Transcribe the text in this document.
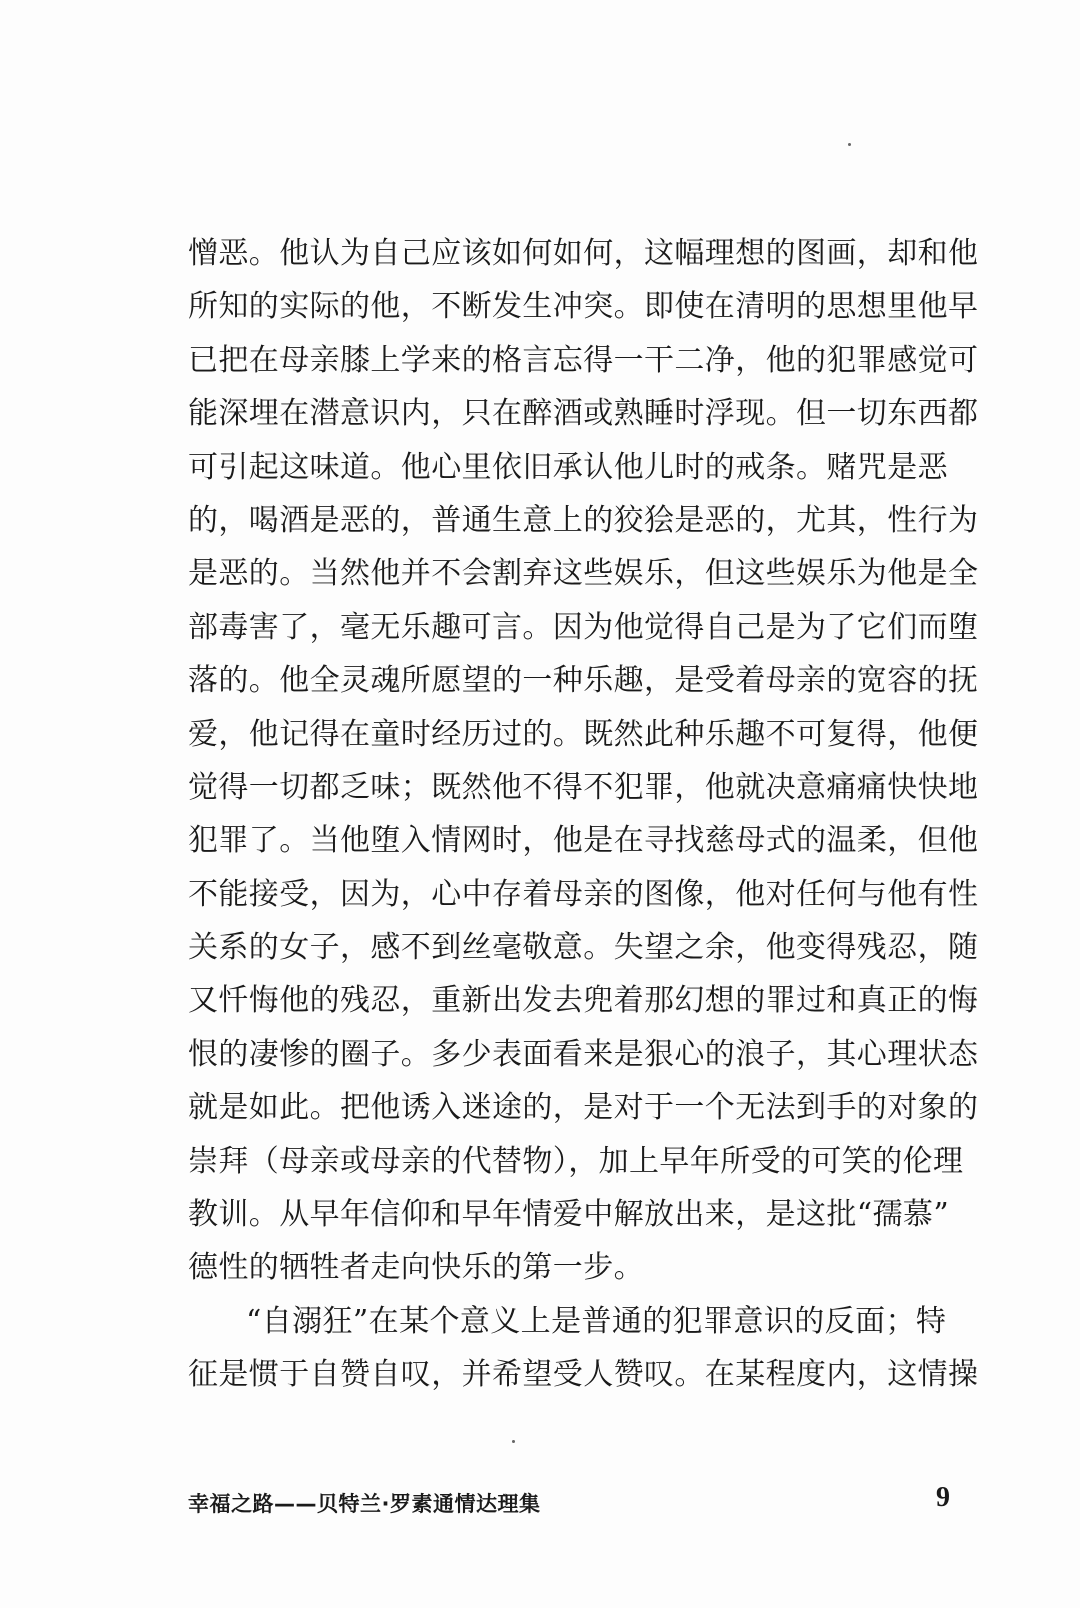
憎恶。他认为自己应该如何如何，这幅理想的图画，却和他
所知的实际的他，不断发生冲突。即使在清明的思想里他早
已把在母亲膝上学来的格言忘得一干二净，他的犯罪感觉可
能深埋在潜意识内，只在醉酒或熟睡时浮现。但一切东西都
可引起这味道。他心里依旧承认他儿时的戒条。赌咒是恶
的，喝酒是恶的，普通生意上的狡狯是恶的，尤其，性行为
是恶的。当然他并不会割弃这些娱乐，但这些娱乐为他是全
部毒害了，毫无乐趣可言。因为他觉得自己是为了它们而堕
落的。他全灵魂所愿望的一种乐趣，是受着母亲的宽容的抚
爱，他记得在童时经历过的。既然此种乐趣不可复得，他便
觉得一切都乏味；既然他不得不犯罪，他就决意痛痛快快地
犯罪了。当他堕入情网时，他是在寻找慈母式的温柔，但他
不能接受，因为，心中存着母亲的图像，他对任何与他有性
关系的女子，感不到丝毫敬意。失望之余，他变得残忍，随
又忏悔他的残忍，重新出发去兜着那幻想的罪过和真正的悔
恨的凄惨的圈子。多少表面看来是狠心的浪子，其心理状态
就是如此。把他诱入迷途的，是对于一个无法到手的对象的
崇拜（母亲或母亲的代替物），加上早年所受的可笑的伦理
教训。从早年信仰和早年情爱中解放出来，是这批“孺慕”
德性的牺牲者走向快乐的第一步。
“自溺狂”在某个意义上是普通的犯罪意识的反面；特
征是惯于自赞自叹，并希望受人赞叹。在某程度内，这情操
幸福之路——贝特兰·罗素通情达理集	9
